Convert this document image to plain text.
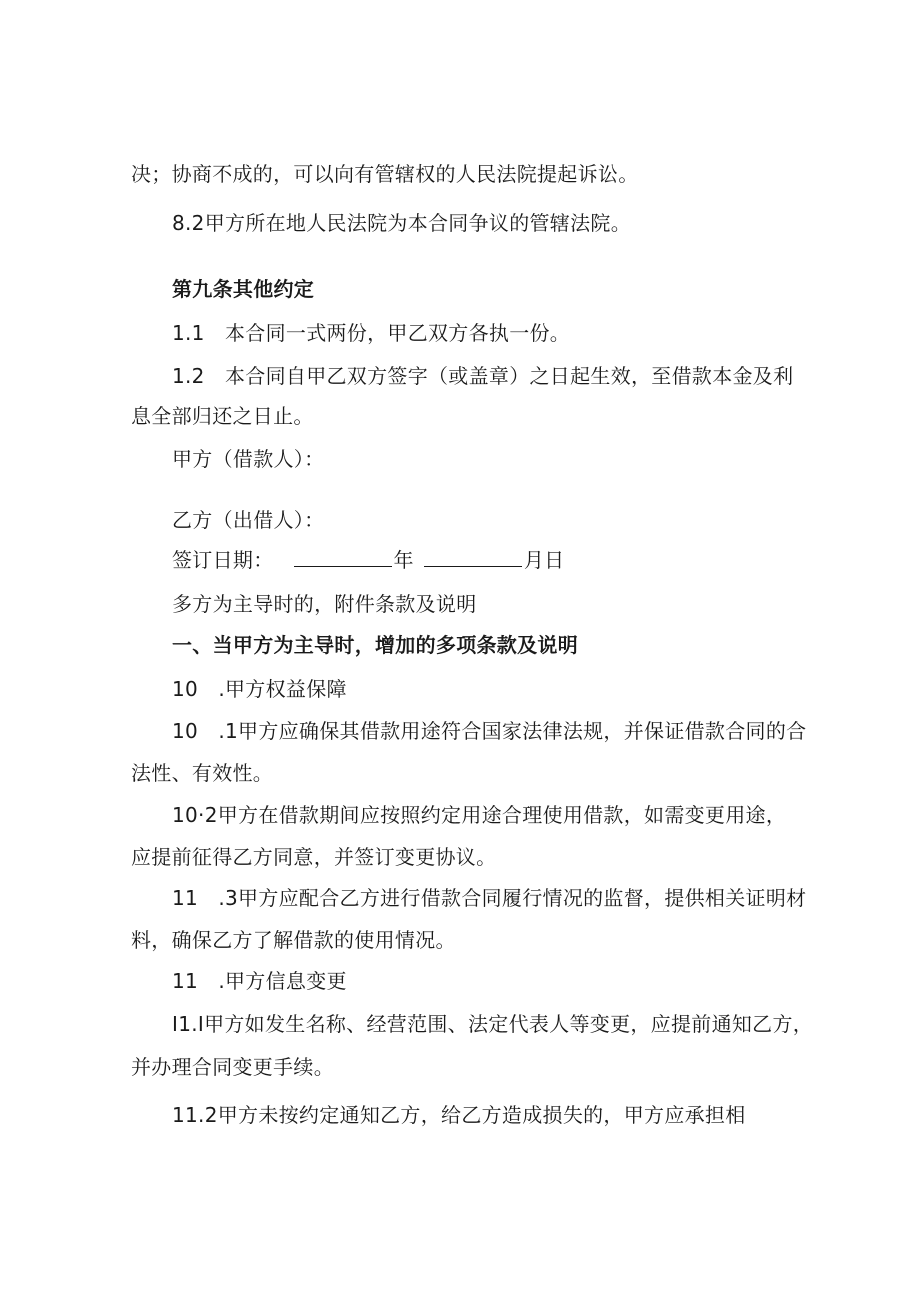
决；协商不成的，可以向有管辖权的人民法院提起诉讼。
8.2甲方所在地人民法院为本合同争议的管辖法院。
第九条其他约定
1.1　本合同一式两份，甲乙双方各执一份。
1.2　本合同自甲乙双方签字（或盖章）之日起生效，至借款本金及利
息全部归还之日止。
甲方（借款人）：
乙方（出借人）：
签订日期：	年	月日
多方为主导时的，附件条款及说明
一、当甲方为主导时，增加的多项条款及说明
10　.甲方权益保障
10　.1甲方应确保其借款用途符合国家法律法规，并保证借款合同的合
法性、有效性。
10·2甲方在借款期间应按照约定用途合理使用借款，如需变更用途，
应提前征得乙方同意，并签订变更协议。
11　.3甲方应配合乙方进行借款合同履行情况的监督，提供相关证明材
料，确保乙方了解借款的使用情况。
11　.甲方信息变更
I1.I甲方如发生名称、经营范围、法定代表人等变更，应提前通知乙方，
并办理合同变更手续。
11.2甲方未按约定通知乙方，给乙方造成损失的，甲方应承担相
